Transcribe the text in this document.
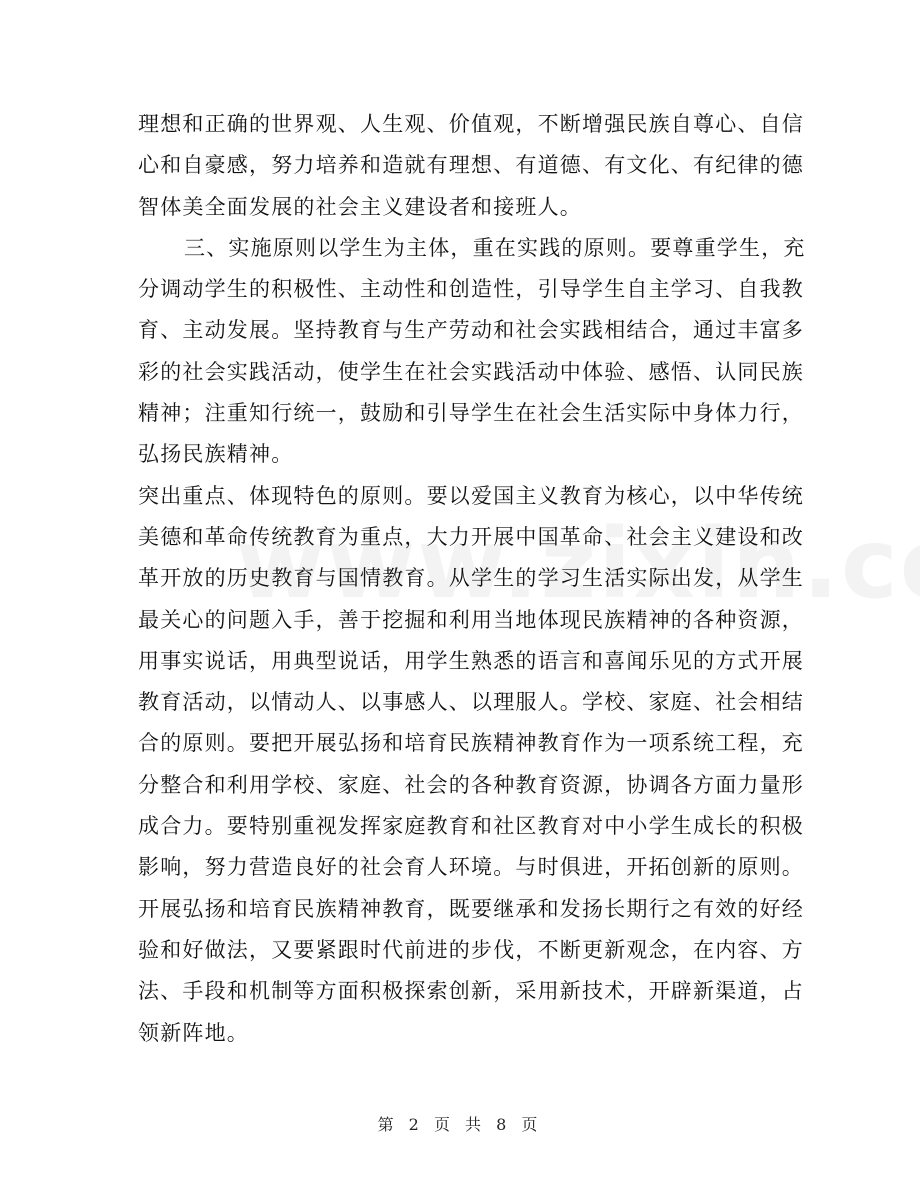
理想和正确的世界观、人生观、价值观，不断增强民族自尊心、自信
心和自豪感，努力培养和造就有理想、有道德、有文化、有纪律的德
智体美全面发展的社会主义建设者和接班人。
三、实施原则以学生为主体，重在实践的原则。要尊重学生，充
分调动学生的积极性、主动性和创造性，引导学生自主学习、自我教
育、主动发展。坚持教育与生产劳动和社会实践相结合，通过丰富多
彩的社会实践活动，使学生在社会实践活动中体验、感悟、认同民族
精神；注重知行统一，鼓励和引导学生在社会生活实际中身体力行，
弘扬民族精神。
突出重点、体现特色的原则。要以爱国主义教育为核心，以中华传统
美德和革命传统教育为重点，大力开展中国革命、社会主义建设和改
革开放的历史教育与国情教育。从学生的学习生活实际出发，从学生
最关心的问题入手，善于挖掘和利用当地体现民族精神的各种资源，
用事实说话，用典型说话，用学生熟悉的语言和喜闻乐见的方式开展
教育活动，以情动人、以事感人、以理服人。学校、家庭、社会相结
合的原则。要把开展弘扬和培育民族精神教育作为一项系统工程，充
分整合和利用学校、家庭、社会的各种教育资源，协调各方面力量形
成合力。要特别重视发挥家庭教育和社区教育对中小学生成长的积极
影响，努力营造良好的社会育人环境。与时俱进，开拓创新的原则。
开展弘扬和培育民族精神教育，既要继承和发扬长期行之有效的好经
验和好做法，又要紧跟时代前进的步伐，不断更新观念，在内容、方
法、手段和机制等方面积极探索创新，采用新技术，开辟新渠道，占
领新阵地。
第 2 页 共 8 页
